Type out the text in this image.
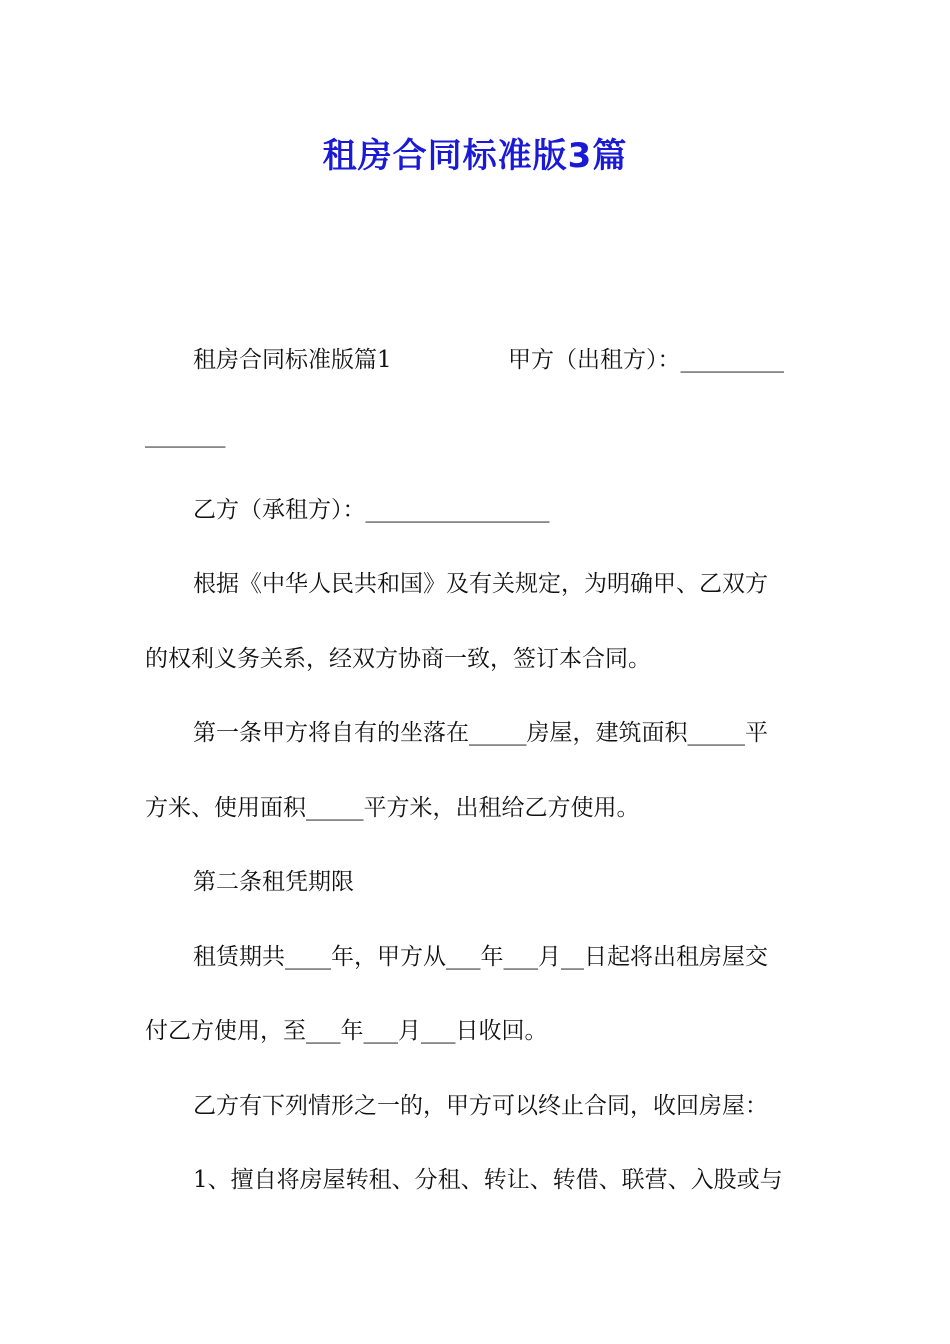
租房合同标准版3篇
租房合同标准版篇1	甲方（出租方）：_________
_______
乙方（承租方）：________________
根据《中华人民共和国》及有关规定，为明确甲、乙双方
的权利义务关系，经双方协商一致，签订本合同。
第一条甲方将自有的坐落在_____房屋，建筑面积_____平
方米、使用面积_____平方米，出租给乙方使用。
第二条租凭期限
租赁期共____年，甲方从___年___月__日起将出租房屋交
付乙方使用，至___年___月___日收回。
乙方有下列情形之一的，甲方可以终止合同，收回房屋：
1、擅自将房屋转租、分租、转让、转借、联营、入股或与
